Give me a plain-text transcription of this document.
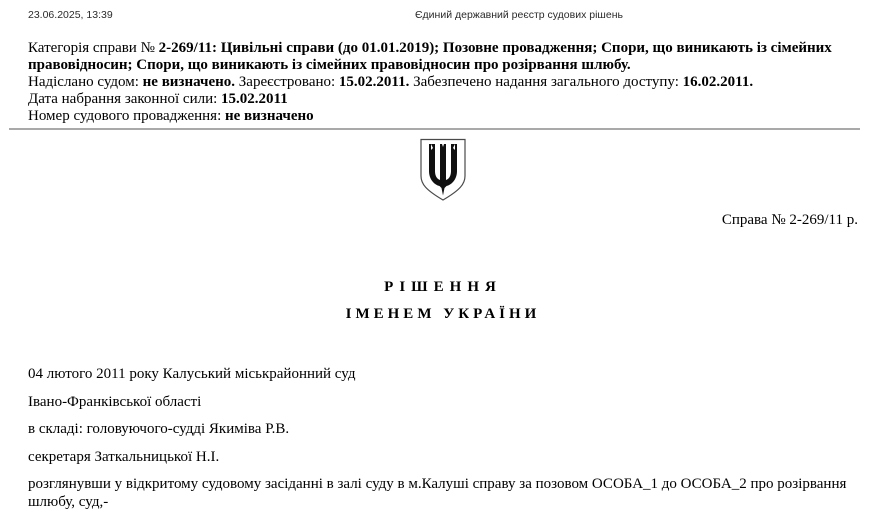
23.06.2025, 13:39	Єдиний державний реєстр судових рішень

Категорія справи № 2-269/11: Цивільні справи (до 01.01.2019); Позовне провадження; Спори, що виникають із сімейних правовідносин; Спори, що виникають із сімейних правовідносин про розірвання шлюбу.

Надіслано судом: не визначено. Зареєстровано: 15.02.2011. Забезпечено надання загального доступу: 16.02.2011.

Дата набрання законної сили: 15.02.2011

Номер судового провадження: не визначено

Справа № 2-269/11 р.

РІШЕННЯ

ІМЕНЕМ УКРАЇНИ

04 лютого 2011 року Калуський міськрайонний суд

Івано-Франківської області

в складі: головуючого-судді Якиміва Р.В.

секретаря Заткальницької Н.І.

розглянувши у відкритому судовому засіданні в залі суду в м.Калуші справу за позовом ОСОБА_1 до ОСОБА_2 про розірвання шлюбу, суд,-
